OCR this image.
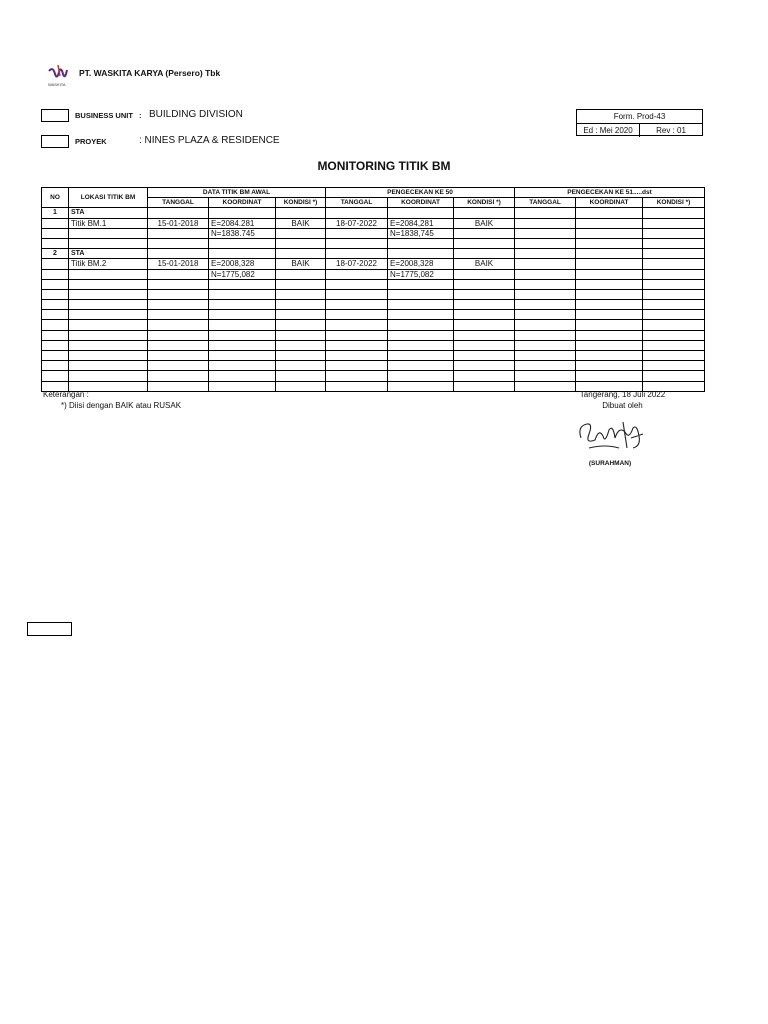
WASKITA
PT. WASKITA KARYA (Persero) Tbk
BUSINESS UNIT : BUILDING DIVISION
PROYEK	: NINES PLAZA & RESIDENCE
Form. Prod-43
Ed : Mei 2020	Rev : 01
MONITORING TITIK BM
NO	LOKASI TITIK BM	DATA TITIK BM AWAL			PENGECEKAN KE 50			PENGECEKAN KE 51.....dst		
		TANGGAL	KOORDINAT	KONDISI *)	TANGGAL	KOORDINAT	KONDISI *)	TANGGAL	KOORDINAT	KONDISI *)
1	STA									
	Titik BM.1	15-01-2018	E=2084.281	BAIK	18-07-2022	E=2084,281	BAIK			
			N=1838.745			N=1838,745				

2	STA									
	Titik BM.2	15-01-2018	E=2008,328	BAIK	18-07-2022	E=2008,328	BAIK			
			N=1775,082			N=1775,082				

Keterangan :
*) Diisi dengan BAIK atau RUSAK
Tangerang, 18 Juli 2022
Dibuat oleh
(SURAHMAN)
